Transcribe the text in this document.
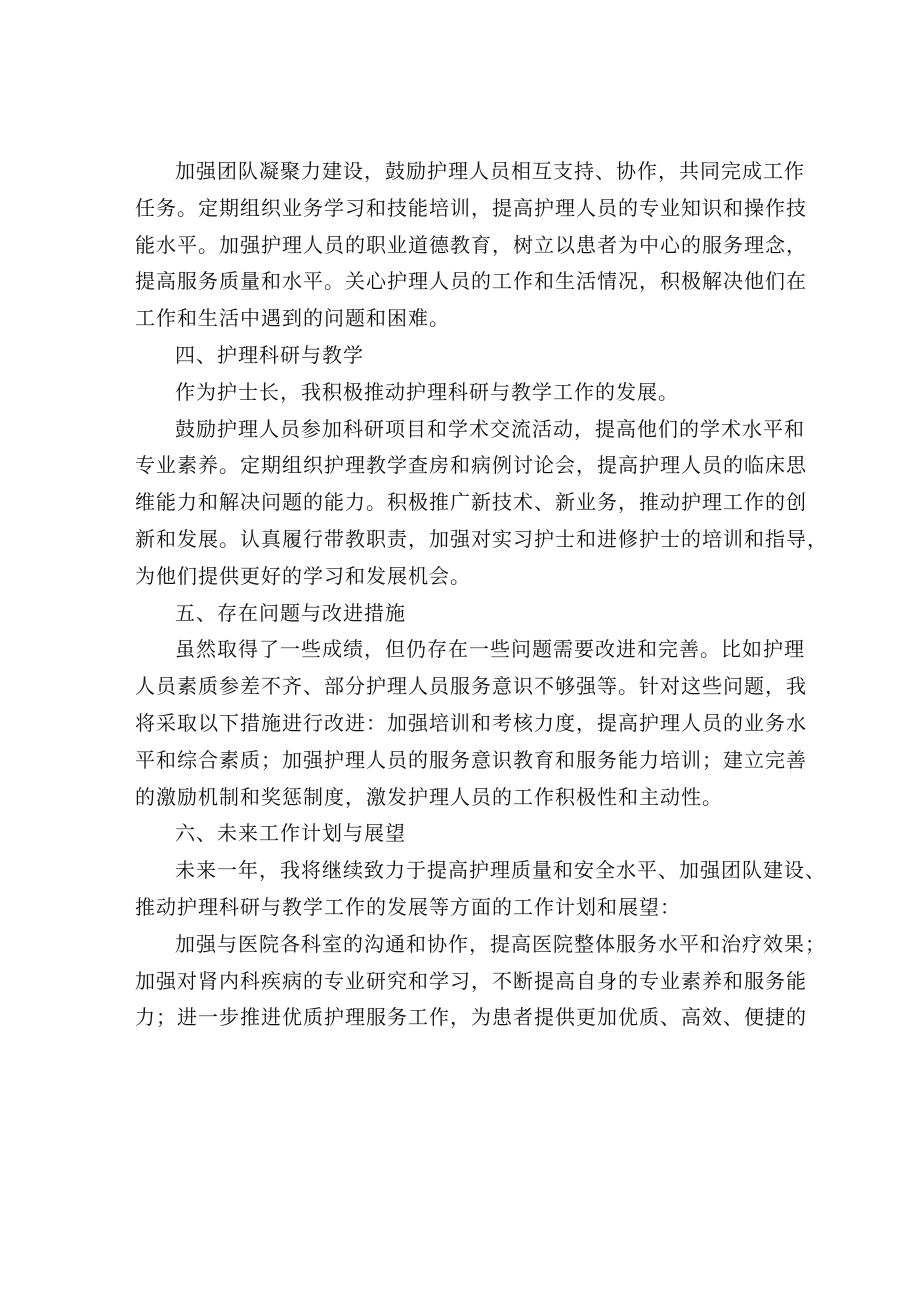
加强团队凝聚力建设，鼓励护理人员相互支持、协作，共同完成工作
任务。定期组织业务学习和技能培训，提高护理人员的专业知识和操作技
能水平。加强护理人员的职业道德教育，树立以患者为中心的服务理念，
提高服务质量和水平。关心护理人员的工作和生活情况，积极解决他们在
工作和生活中遇到的问题和困难。
四、护理科研与教学
作为护士长，我积极推动护理科研与教学工作的发展。
鼓励护理人员参加科研项目和学术交流活动，提高他们的学术水平和
专业素养。定期组织护理教学查房和病例讨论会，提高护理人员的临床思
维能力和解决问题的能力。积极推广新技术、新业务，推动护理工作的创
新和发展。认真履行带教职责，加强对实习护士和进修护士的培训和指导，
为他们提供更好的学习和发展机会。
五、存在问题与改进措施
虽然取得了一些成绩，但仍存在一些问题需要改进和完善。比如护理
人员素质参差不齐、部分护理人员服务意识不够强等。针对这些问题，我
将采取以下措施进行改进：加强培训和考核力度，提高护理人员的业务水
平和综合素质；加强护理人员的服务意识教育和服务能力培训；建立完善
的激励机制和奖惩制度，激发护理人员的工作积极性和主动性。
六、未来工作计划与展望
未来一年，我将继续致力于提高护理质量和安全水平、加强团队建设、
推动护理科研与教学工作的发展等方面的工作计划和展望：
加强与医院各科室的沟通和协作，提高医院整体服务水平和治疗效果；
加强对肾内科疾病的专业研究和学习，不断提高自身的专业素养和服务能
力；进一步推进优质护理服务工作，为患者提供更加优质、高效、便捷的
